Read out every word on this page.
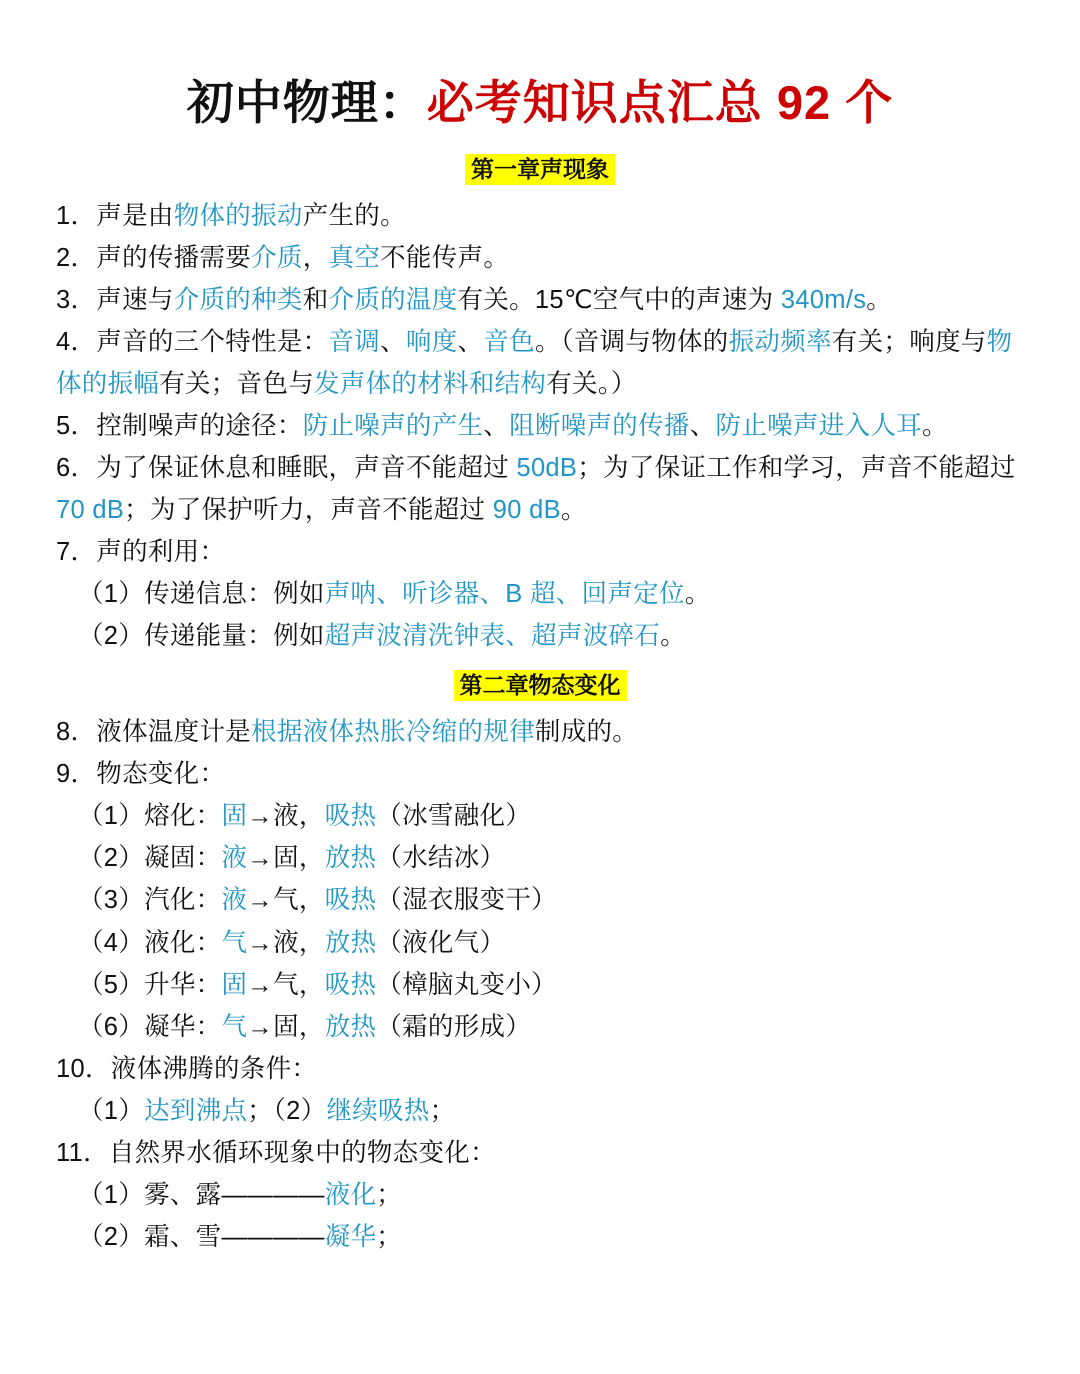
初中物理：必考知识点汇总 92 个
第一章声现象
1．声是由物体的振动产生的。
2．声的传播需要介质，真空不能传声。
3．声速与介质的种类和介质的温度有关。15℃空气中的声速为 340m/s。
4．声音的三个特性是：音调、响度、音色。（音调与物体的振动频率有关；响度与物体的振幅有关；音色与发声体的材料和结构有关。）
5．控制噪声的途径：防止噪声的产生、阻断噪声的传播、防止噪声进入人耳。
6．为了保证休息和睡眠，声音不能超过 50dB；为了保证工作和学习，声音不能超过 70 dB；为了保护听力，声音不能超过 90 dB。
7．声的利用：
（1）传递信息：例如声呐、听诊器、B 超、回声定位。
（2）传递能量：例如超声波清洗钟表、超声波碎石。
第二章物态变化
8．液体温度计是根据液体热胀冷缩的规律制成的。
9．物态变化：
（1）熔化：固→液，吸热（冰雪融化）
（2）凝固：液→固，放热（水结冰）
（3）汽化：液→气，吸热（湿衣服变干）
（4）液化：气→液，放热（液化气）
（5）升华：固→气，吸热（樟脑丸变小）
（6）凝华：气→固，放热（霜的形成）
10．液体沸腾的条件：
（1）达到沸点；（2）继续吸热；
11．自然界水循环现象中的物态变化：
（1）雾、露————液化；
（2）霜、雪————凝华；
